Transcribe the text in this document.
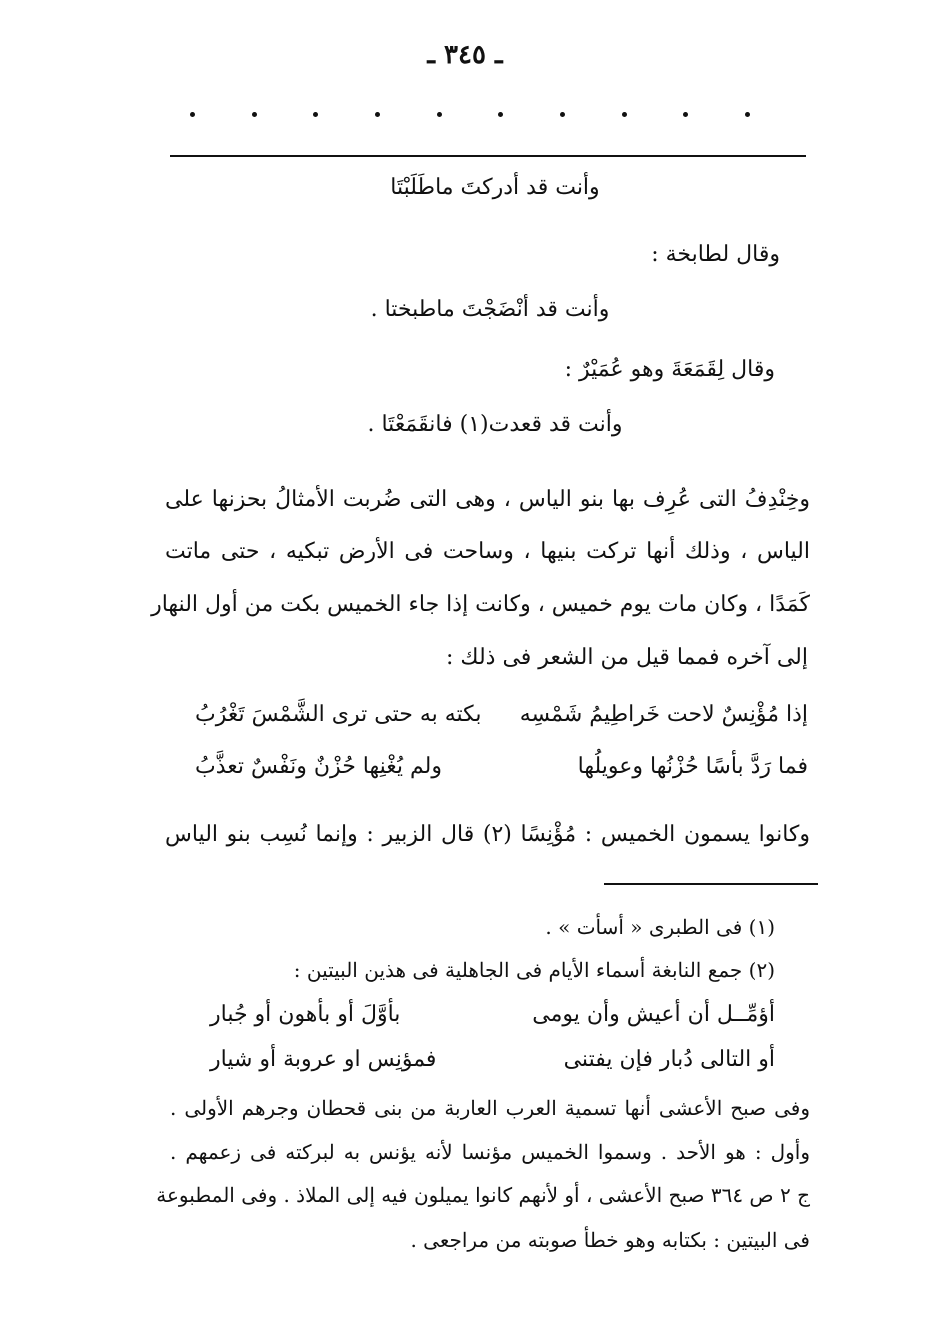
ـ ٣٤٥ ـ
وأنت قد أدركتَ ماطَلَبْتَا
وقال لطابخة :
وأنت قد أنْضَجْتَ ماطبختا .
وقال لِقَمَعَةَ وهو عُمَيْرٌ :
وأنت قد قعدت(١) فانقَمَعْتَا .
وخِنْدِفُ التى عُرِف بها بنو الياس ، وهى التى ضُربت الأمثالُ بحزنها على
الياس ، وذلك أنها تركت بنيها ، وساحت فى الأرض تبكيه ، حتى ماتت
كَمَدًا ، وكان مات يوم خميس ، وكانت إذا جاء الخميس بكت من أول النهار
إلى آخره فمما قيل من الشعر فى ذلك :
إذا مُؤْنِسٌ لاحت خَراطِيمُ شَمْسِه
بكته به حتى ترى الشَّمْسَ تَغْرُبُ
فما رَدَّ بأسًا حُزْنُها وعويلُها
ولم يُغْنِها حُزْنٌ ونَفْسٌ تعذَّبُ
وكانوا يسمون الخميس : مُؤْنِسًا (٢) قال الزبير : وإنما نُسِب بنو الياس
(١) فى الطبرى « أسأت » .
(٢) جمع النابغة أسماء الأيام فى الجاهلية فى هذين البيتين :
أؤمِّــل أن أعيش وأن يومى
بأوَّلَ أو بأهون أو جُبار
أو التالى دُبار فإن يفتنى
فمؤنِس او عروبة أو شيار
وفى صبح الأعشى أنها تسمية العرب العاربة من بنى قحطان وجرهم الأولى .
وأول : هو الأحد . وسموا الخميس مؤنسا لأنه يؤنس به لبركته فى زعمهم .
ج ٢ ص ٣٦٤ صبح الأعشى ، أو لأنهم كانوا يميلون فيه إلى الملاذ . وفى المطبوعة
فى البيتين : بكتابه وهو خطأ صوبته من مراجعى .
